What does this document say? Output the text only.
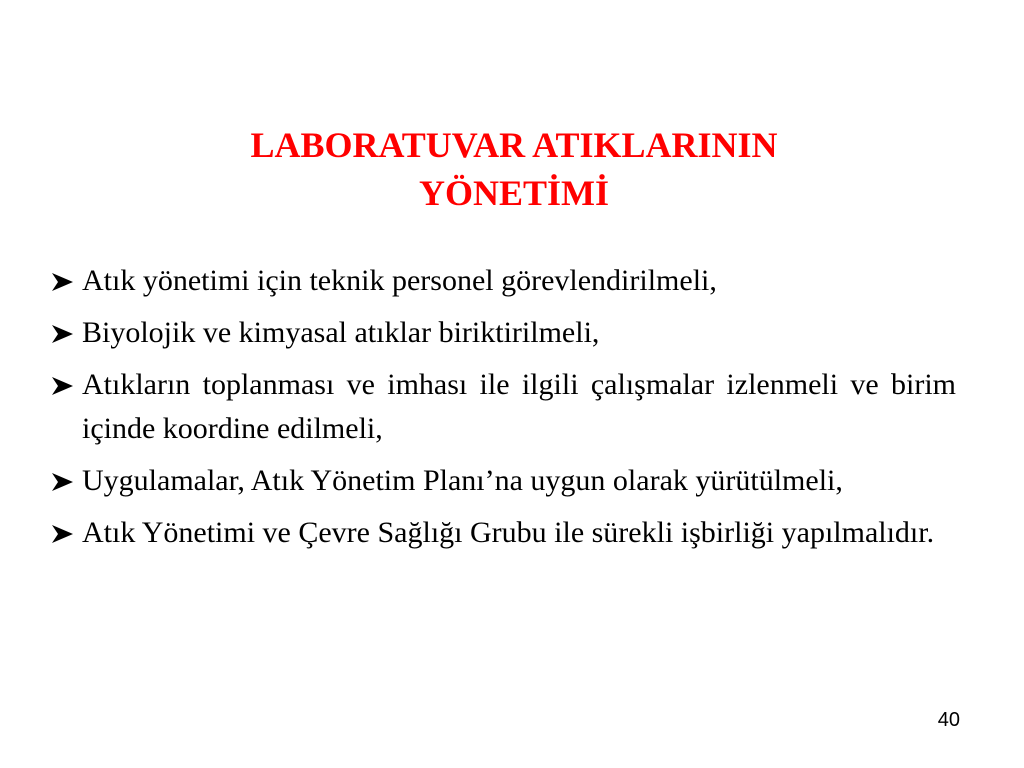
LABORATUVAR ATIKLARININ
YÖNETİMİ
Atık yönetimi için teknik personel görevlendirilmeli,
Biyolojik ve kimyasal atıklar biriktirilmeli,
Atıkların toplanması ve imhası ile ilgili çalışmalar izlenmeli ve birim içinde koordine edilmeli,
Uygulamalar, Atık Yönetim Planı’na uygun olarak yürütülmeli,
Atık Yönetimi ve Çevre Sağlığı Grubu ile sürekli işbirliği yapılmalıdır.
40
